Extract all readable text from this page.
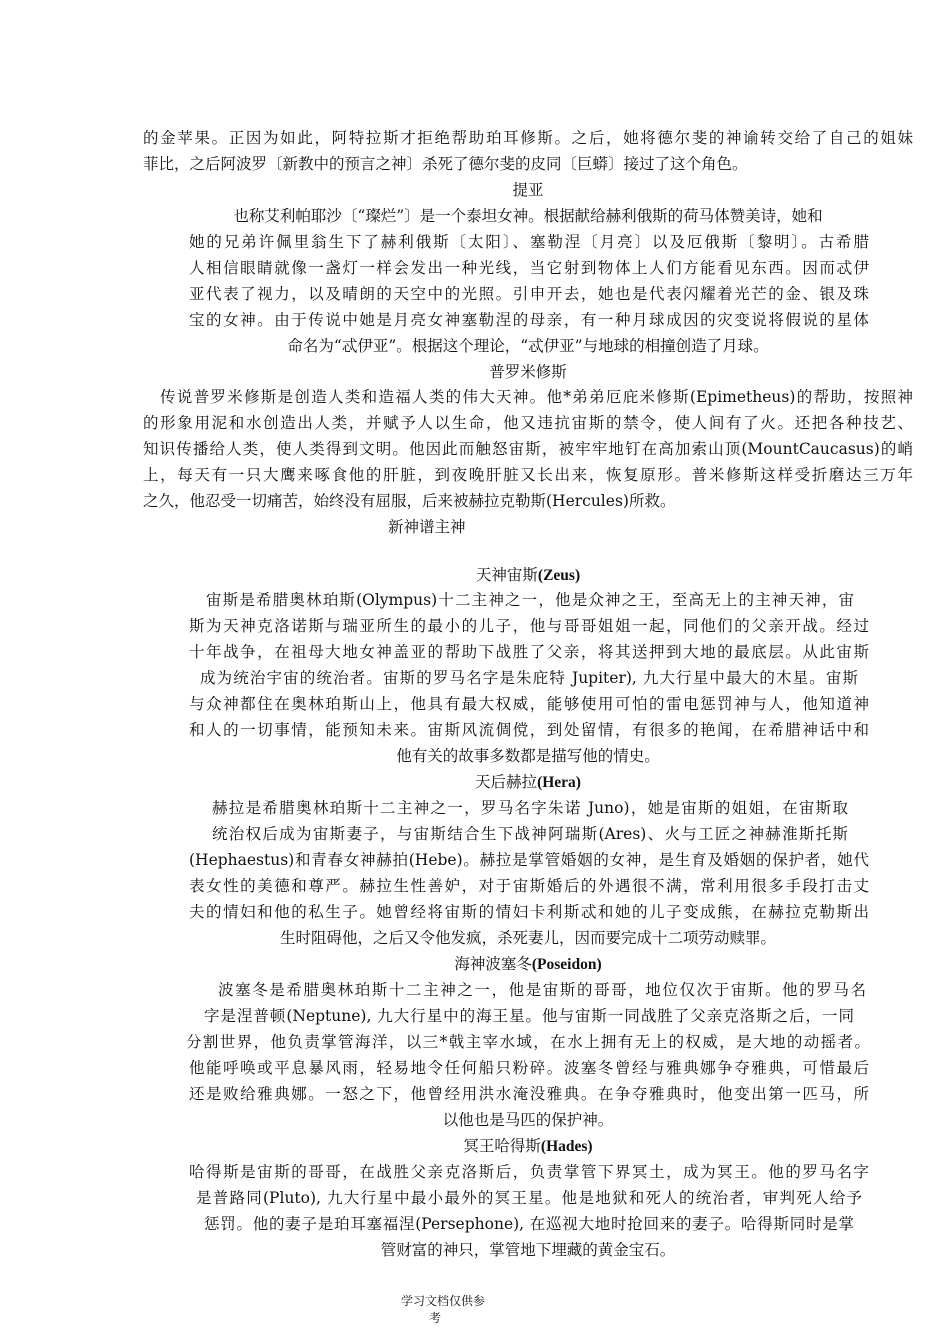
的金苹果。正因为如此，阿特拉斯才拒绝帮助珀耳修斯。之后，她将德尔斐的神谕转交给了自己的姐妹
菲比，之后阿波罗〔新教中的预言之神〕杀死了德尔斐的皮同〔巨蟒〕接过了这个角色。
提亚
也称艾利帕耶沙〔“璨烂”〕是一个泰坦女神。根据献给赫利俄斯的荷马体赞美诗，她和
她的兄弟许佩里翁生下了赫利俄斯〔太阳〕、塞勒涅〔月亮〕以及厄俄斯〔黎明〕。古希腊
人相信眼睛就像一盏灯一样会发出一种光线，当它射到物体上人们方能看见东西。因而忒伊
亚代表了视力，以及晴朗的天空中的光照。引申开去，她也是代表闪耀着光芒的金、银及珠
宝的女神。由于传说中她是月亮女神塞勒涅的母亲，有一种月球成因的灾变说将假说的星体
命名为“忒伊亚”。根据这个理论，“忒伊亚”与地球的相撞创造了月球。
普罗米修斯
传说普罗米修斯是创造人类和造福人类的伟大天神。他*弟弟厄庇米修斯(Epimetheus)的帮助，按照神
的形象用泥和水创造出人类，并赋予人以生命，他又违抗宙斯的禁令，使人间有了火。还把各种技艺、
知识传播给人类，使人类得到文明。他因此而触怒宙斯，被牢牢地钉在高加索山顶(MountCaucasus)的峭
上，每天有一只大鹰来啄食他的肝脏，到夜晚肝脏又长出来，恢复原形。普米修斯这样受折磨达三万年
之久，他忍受一切痛苦，始终没有屈服，后来被赫拉克勒斯(Hercules)所救。
新神谱主神
天神宙斯(Zeus)
宙斯是希腊奥林珀斯(Olympus)十二主神之一，他是众神之王，至高无上的主神天神，宙
斯为天神克洛诺斯与瑞亚所生的最小的儿子，他与哥哥姐姐一起，同他们的父亲开战。经过
十年战争，在祖母大地女神盖亚的帮助下战胜了父亲，将其送押到大地的最底层。从此宙斯
成为统治宇宙的统治者。宙斯的罗马名字是朱庇特 Jupiter), 九大行星中最大的木星。宙斯
与众神都住在奥林珀斯山上，他具有最大权威，能够使用可怕的雷电惩罚神与人，他知道神
和人的一切事情，能预知未来。宙斯风流倜傥，到处留情，有很多的艳闻，在希腊神话中和
他有关的故事多数都是描写他的情史。
天后赫拉(Hera)
赫拉是希腊奥林珀斯十二主神之一，罗马名字朱诺 Juno)，她是宙斯的姐姐，在宙斯取
统治权后成为宙斯妻子，与宙斯结合生下战神阿瑞斯(Ares)、火与工匠之神赫淮斯托斯
(Hephaestus)和青春女神赫拍(Hebe)。赫拉是掌管婚姻的女神，是生育及婚姻的保护者，她代
表女性的美德和尊严。赫拉生性善妒，对于宙斯婚后的外遇很不满，常利用很多手段打击丈
夫的情妇和他的私生子。她曾经将宙斯的情妇卡利斯忒和她的儿子变成熊，在赫拉克勒斯出
生时阻碍他，之后又令他发疯，杀死妻儿，因而要完成十二项劳动赎罪。
海神波塞冬(Poseidon)
波塞冬是希腊奥林珀斯十二主神之一，他是宙斯的哥哥，地位仅次于宙斯。他的罗马名
字是涅普顿(Neptune), 九大行星中的海王星。他与宙斯一同战胜了父亲克洛斯之后，一同
分割世界，他负责掌管海洋，以三*戟主宰水域，在水上拥有无上的权威，是大地的动摇者。
他能呼唤或平息暴风雨，轻易地令任何船只粉碎。波塞冬曾经与雅典娜争夺雅典，可惜最后
还是败给雅典娜。一怒之下，他曾经用洪水淹没雅典。在争夺雅典时，他变出第一匹马，所
以他也是马匹的保护神。
冥王哈得斯(Hades)
哈得斯是宙斯的哥哥，在战胜父亲克洛斯后，负责掌管下界冥土，成为冥王。他的罗马名字
是普路同(Pluto), 九大行星中最小最外的冥王星。他是地狱和死人的统治者，审判死人给予
惩罚。他的妻子是珀耳塞福涅(Persephone), 在巡视大地时抢回来的妻子。哈得斯同时是掌
管财富的神只，掌管地下埋藏的黄金宝石。
学习文档仅供参
考
